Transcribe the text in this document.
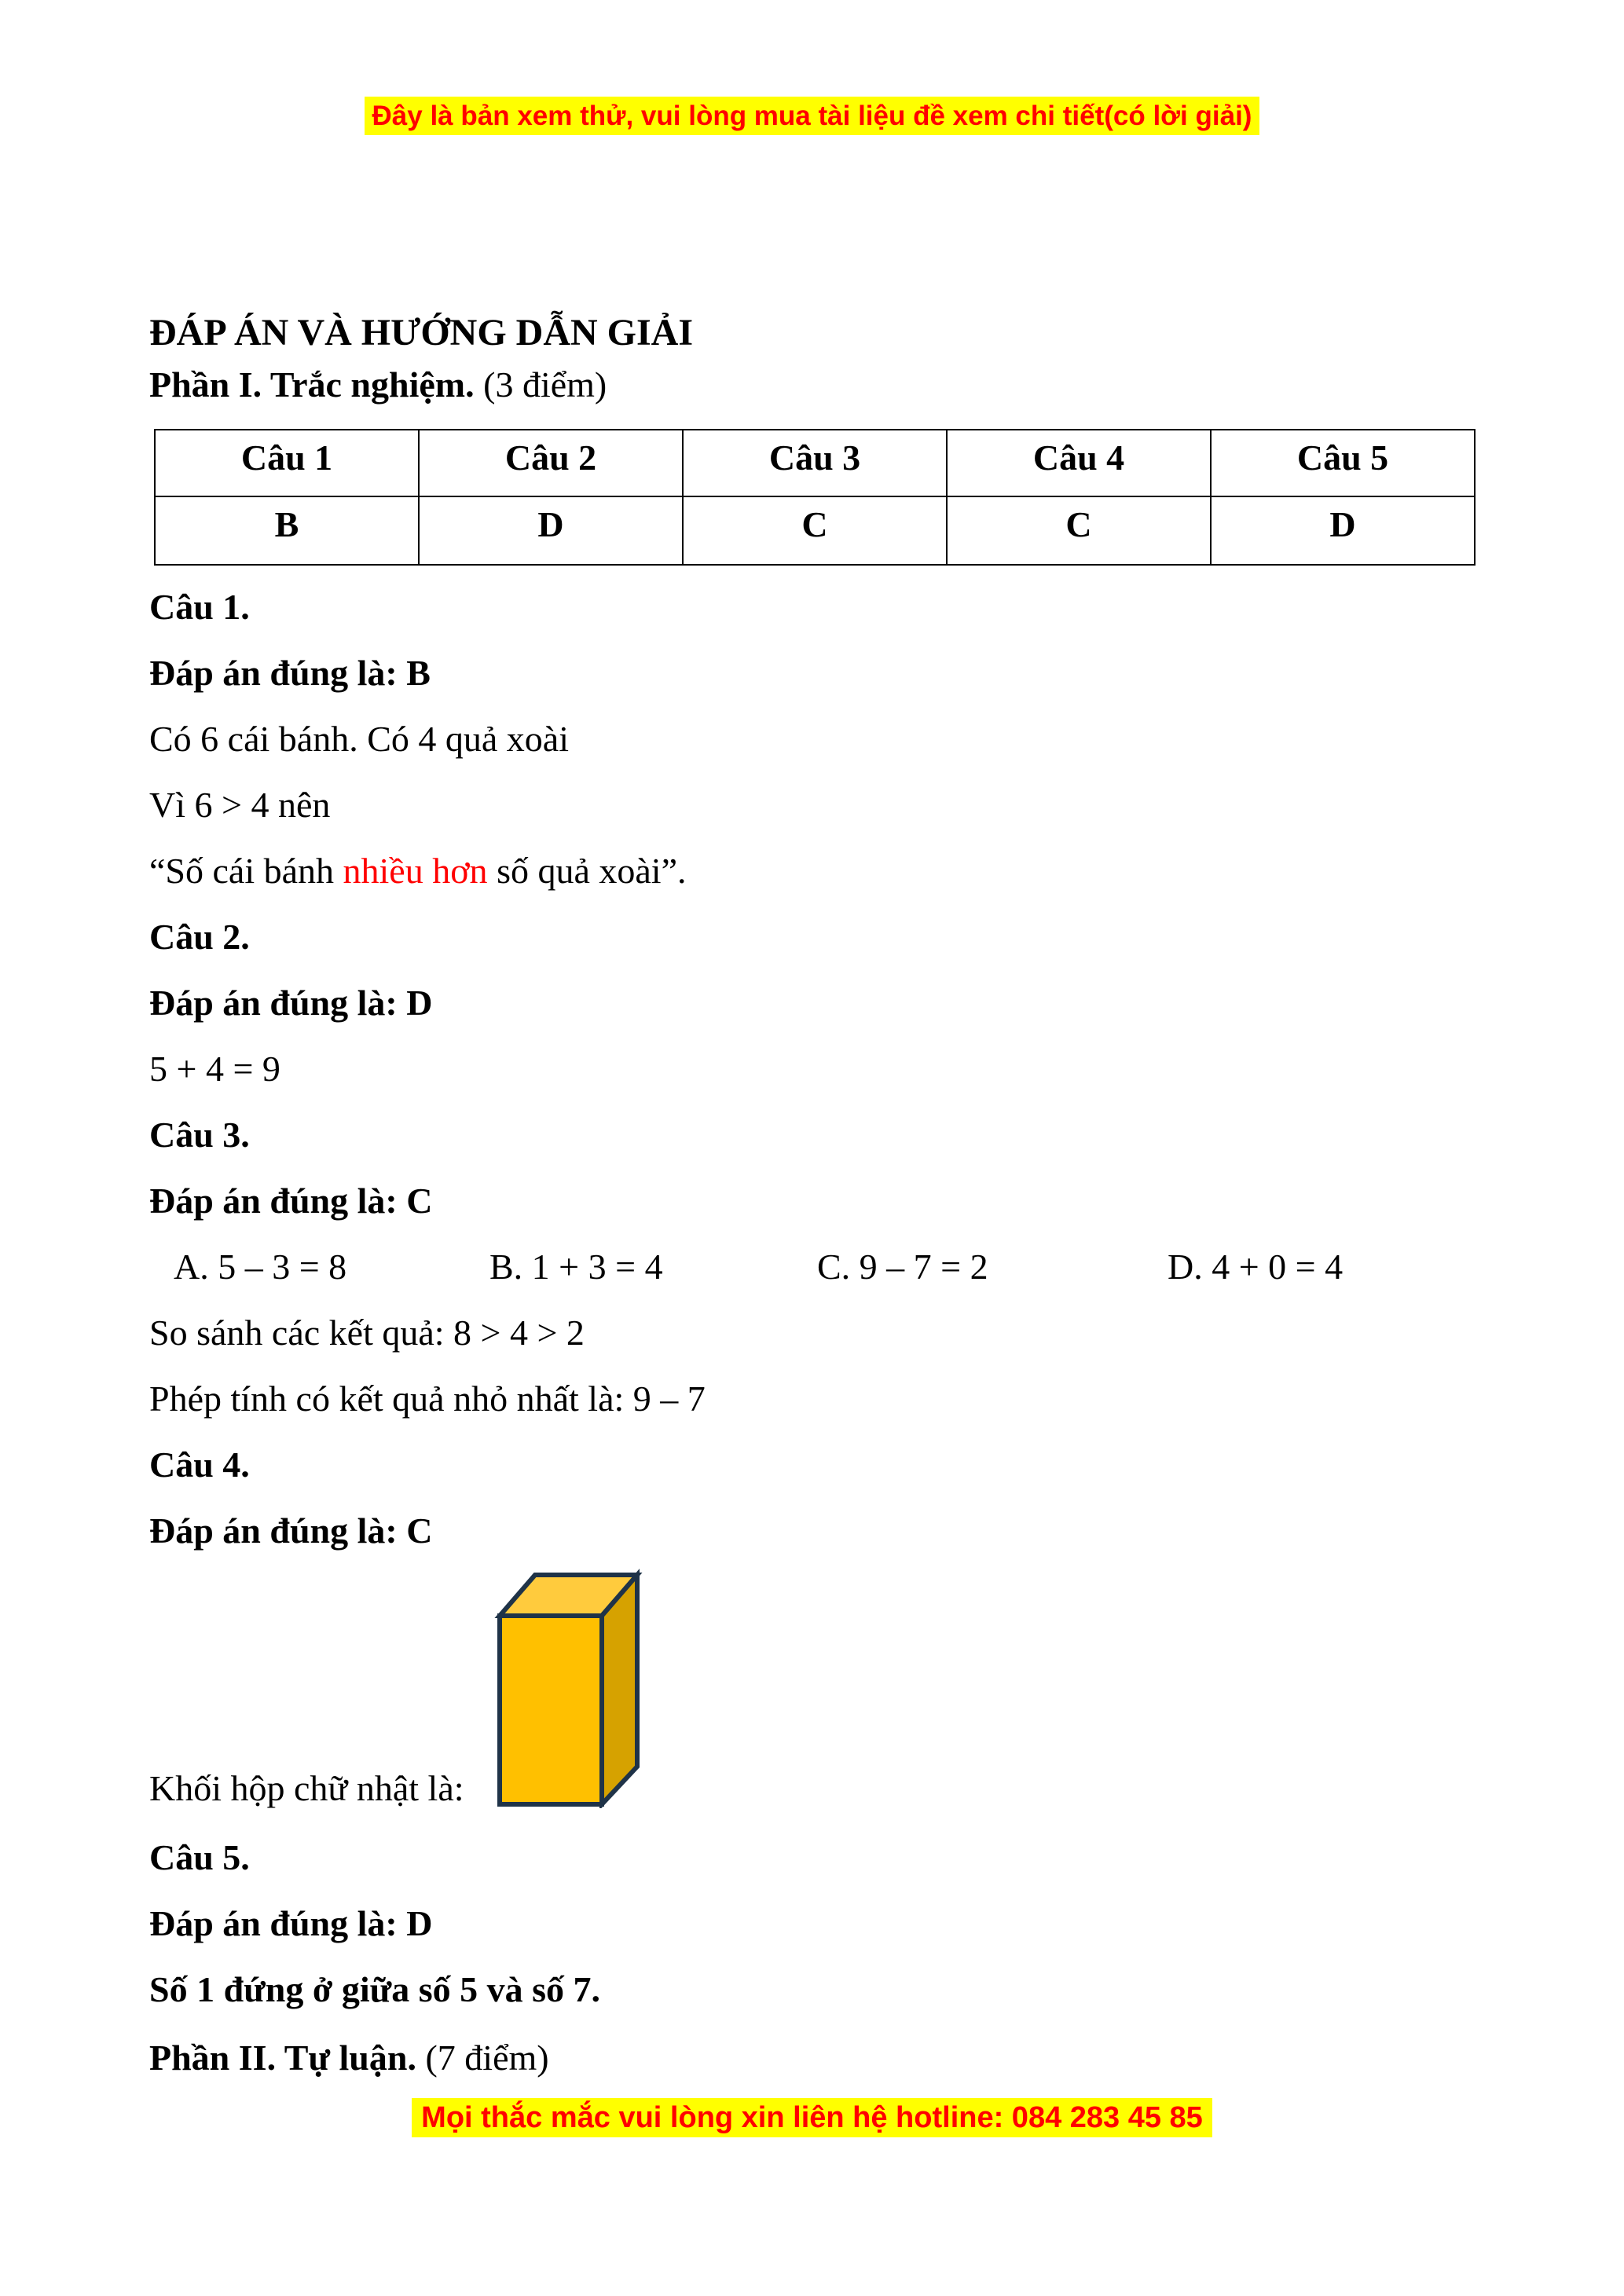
Đây là bản xem thử, vui lòng mua tài liệu đề xem chi tiết(có lời giải)

ĐÁP ÁN VÀ HƯỚNG DẪN GIẢI

Phần I. Trắc nghiệm. (3 điểm)

Câu 1	Câu 2	Câu 3	Câu 4	Câu 5
B	D	C	C	D

Câu 1.

Đáp án đúng là: B

Có 6 cái bánh. Có 4 quả xoài

Vì 6 > 4 nên

“Số cái bánh nhiều hơn số quả xoài”.

Câu 2.

Đáp án đúng là: D

5 + 4 = 9

Câu 3.

Đáp án đúng là: C

A. 5 – 3 = 8	B. 1 + 3 = 4	C. 9 – 7 = 2	D. 4 + 0 = 4

So sánh các kết quả: 8 > 4 > 2

Phép tính có kết quả nhỏ nhất là: 9 – 7

Câu 4.

Đáp án đúng là: C

Khối hộp chữ nhật là:

Câu 5.

Đáp án đúng là: D

Số 1 đứng ở giữa số 5 và số 7.

Phần II. Tự luận. (7 điểm)

Mọi thắc mắc vui lòng xin liên hệ hotline: 084 283 45 85
